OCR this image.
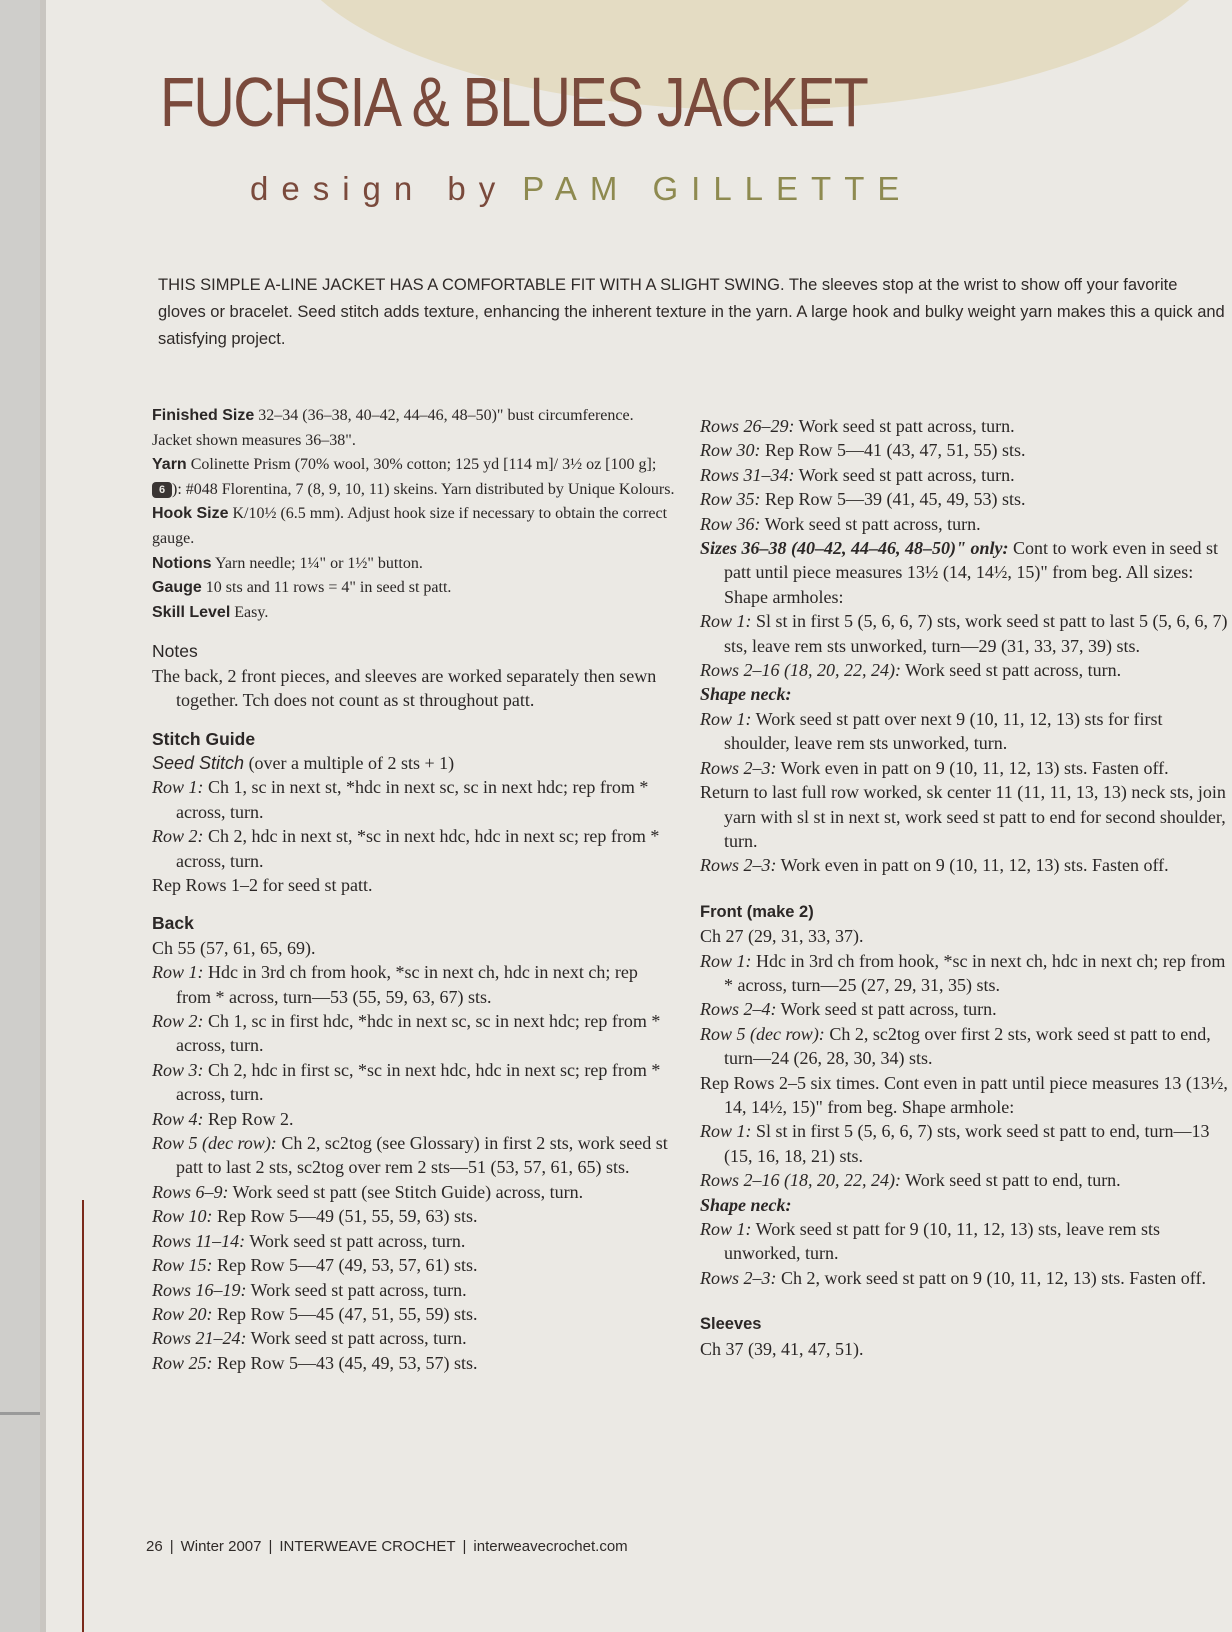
FUCHSIA & BLUES JACKET
design by PAM GILLETTE
THIS SIMPLE A-LINE JACKET HAS A COMFORTABLE FIT WITH A SLIGHT SWING. The sleeves stop at the wrist to show off your favorite gloves or bracelet. Seed stitch adds texture, enhancing the inherent texture in the yarn. A large hook and bulky weight yarn makes this a quick and satisfying project.

Finished Size 32–34 (36–38, 40–42, 44–46, 48–50)" bust circumference. Jacket shown measures 36–38".

Yarn Colinette Prism (70% wool, 30% cotton; 125 yd [114 m]/ 3½ oz [100 g]; 6 ): #048 Florentina, 7 (8, 9, 10, 11) skeins. Yarn distributed by Unique Kolours.

Hook Size K/10½ (6.5 mm). Adjust hook size if necessary to obtain the correct gauge.

Notions Yarn needle; 1¼" or 1½" button.

Gauge 10 sts and 11 rows = 4" in seed st patt.

Skill Level Easy.

Notes

The back, 2 front pieces, and sleeves are worked separately then sewn together. Tch does not count as st throughout patt.

Stitch Guide

Seed Stitch (over a multiple of 2 sts + 1)

Row 1: Ch 1, sc in next st, *hdc in next sc, sc in next hdc; rep from * across, turn.

Row 2: Ch 2, hdc in next st, *sc in next hdc, hdc in next sc; rep from * across, turn.

Rep Rows 1–2 for seed st patt.

Back

Ch 55 (57, 61, 65, 69).

Row 1: Hdc in 3rd ch from hook, *sc in next ch, hdc in next ch; rep from * across, turn—53 (55, 59, 63, 67) sts.

Row 2: Ch 1, sc in first hdc, *hdc in next sc, sc in next hdc; rep from * across, turn.

Row 3: Ch 2, hdc in first sc, *sc in next hdc, hdc in next sc; rep from * across, turn.

Row 4: Rep Row 2.

Row 5 (dec row): Ch 2, sc2tog (see Glossary) in first 2 sts, work seed st patt to last 2 sts, sc2tog over rem 2 sts—51 (53, 57, 61, 65) sts.

Rows 6–9: Work seed st patt (see Stitch Guide) across, turn.

Row 10: Rep Row 5—49 (51, 55, 59, 63) sts.

Rows 11–14: Work seed st patt across, turn.

Row 15: Rep Row 5—47 (49, 53, 57, 61) sts.

Rows 16–19: Work seed st patt across, turn.

Row 20: Rep Row 5—45 (47, 51, 55, 59) sts.

Rows 21–24: Work seed st patt across, turn.

Row 25: Rep Row 5—43 (45, 49, 53, 57) sts.

Rows 26–29: Work seed st patt across, turn.

Row 30: Rep Row 5—41 (43, 47, 51, 55) sts.

Rows 31–34: Work seed st patt across, turn.

Row 35: Rep Row 5—39 (41, 45, 49, 53) sts.

Row 36: Work seed st patt across, turn.

Sizes 36–38 (40–42, 44–46, 48–50)" only: Cont to work even in seed st patt until piece measures 13½ (14, 14½, 15)" from beg. All sizes: Shape armholes:

Row 1: Sl st in first 5 (5, 6, 6, 7) sts, work seed st patt to last 5 (5, 6, 6, 7) sts, leave rem sts unworked, turn—29 (31, 33, 37, 39) sts.

Rows 2–16 (18, 20, 22, 24): Work seed st patt across, turn.

Shape neck:

Row 1: Work seed st patt over next 9 (10, 11, 12, 13) sts for first shoulder, leave rem sts unworked, turn.

Rows 2–3: Work even in patt on 9 (10, 11, 12, 13) sts. Fasten off.

Return to last full row worked, sk center 11 (11, 11, 13, 13) neck sts, join yarn with sl st in next st, work seed st patt to end for second shoulder, turn.

Rows 2–3: Work even in patt on 9 (10, 11, 12, 13) sts. Fasten off.

Front (make 2)

Ch 27 (29, 31, 33, 37).

Row 1: Hdc in 3rd ch from hook, *sc in next ch, hdc in next ch; rep from * across, turn—25 (27, 29, 31, 35) sts.

Rows 2–4: Work seed st patt across, turn.

Row 5 (dec row): Ch 2, sc2tog over first 2 sts, work seed st patt to end, turn—24 (26, 28, 30, 34) sts.

Rep Rows 2–5 six times. Cont even in patt until piece measures 13 (13½, 14, 14½, 15)" from beg. Shape armhole:

Row 1: Sl st in first 5 (5, 6, 6, 7) sts, work seed st patt to end, turn—13 (15, 16, 18, 21) sts.

Rows 2–16 (18, 20, 22, 24): Work seed st patt to end, turn.

Shape neck:

Row 1: Work seed st patt for 9 (10, 11, 12, 13) sts, leave rem sts unworked, turn.

Rows 2–3: Ch 2, work seed st patt on 9 (10, 11, 12, 13) sts. Fasten off.

Sleeves

Ch 37 (39, 41, 47, 51).

26 | Winter 2007 | INTERWEAVE CROCHET | interweavecrochet.com
